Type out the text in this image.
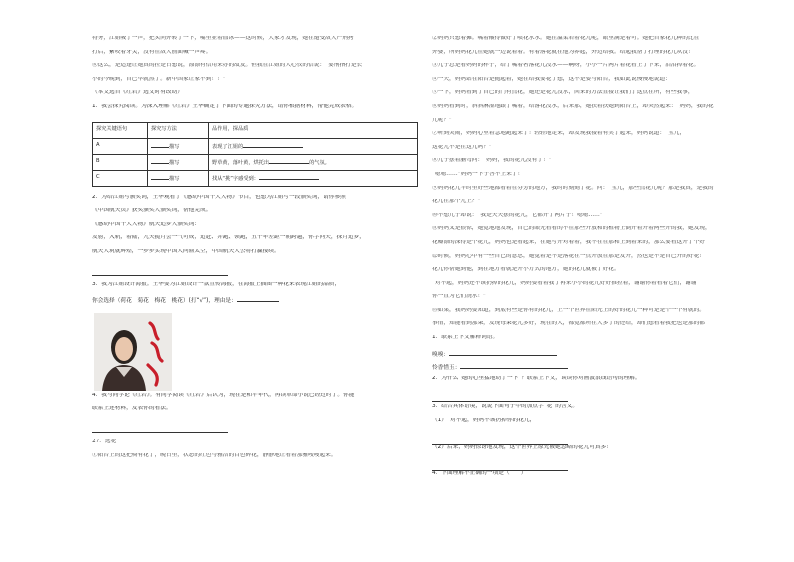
特务，江姐吸了一声，把头向外转了一下，嘴里並着血冰——这时候，大家才发现，她在遭受敌人严刑拷
打后，紫咬着牙关，没有在敌人前面喊一声疼。
⑥这么，是适逢让她真的拉是日想说，漂漂有信用来办的故友。但我在江姐的人心仅的信说：“要刑指打是长
小的今晚到，自己早就熬了。新中国家让家不到！！”
（本文选自《红岩》选文时有改动）
1．我会探究阅读。为深入理解《红岩》王华确定了下面的专题探究方法，请你根据材料，帮他完成表格。
探究关键语句	探究写方法	品作用，探品质
A	描写	表现了江姐的
B	描写	野草黄，落叶黄，烘托出 的气氛。
C	描写	找从“挑”字感受到：
2．为给江姐写颁奖词，王华观看了《感动中国十大人物》节目，也想为江姐写一段颁奖词，请你参照
《中国航天员》获奖颁奖人颁奖词，帮他完成。
《感动中国十大人物》航天追梦人颁奖词：
发射，入轨，着陆，九天揽月会一气可成，追赶、并跑、领跑，五十年差距一朝跨越，你字问天，探月追梦，
航天人筑就辉煌，一步步实现中国人问鼎太空，中国航天人公将打赢接续。
3．我为江姐设计海报。王华要为江姐设计一款宣传海报，在海报上插图一种花来表现江姐的品质，
你会选择（荷花　菊花　梅花　桃花）(打“√”)，理由是：
4．我与同学论《红岩》。有同学阅读《红岩》后认为，现在是和平年代，再读革命小说已经过时了。你能
联系上述材料，发表你的看法。
27．选花
①阳台上的这把椅有花了，晚日里，状态的红色与雅洁的白色碎花，静静地让看着那雅嗖嗖起来。
②妈妈只想着摊。嘴着酸得做好了喷花水水。她在温柔若着花儿呢，眼里满是着可。她把自家花儿种的比在
外婆，所妈妈花儿在她就一边说着着。有着落花就在他为养起，外边给我。给起我帮了打理的花儿从没！
③儿子总是看妈妈的样子，给了嘴着者落花儿没水——啊呀，小小一片两片着花看上了下来，泪泪掉着花。
④一天，妈妈站在阳台是抛起着，她在给我要花了想，这不是要与阳台，我如此说慢慢地说道：“
⑤一下，妈妈看到了自己的门有点花，她还是花儿没水，回来的方法直接让我们了这点在所，有些我事，
⑥妈妈看到时，斜斜淋湿地跟了嘴着，给落花没水，后来那，她扶着扶她到阳台上，却突然起来：“妈妈，我的花
儿呢？”
⑦听到哭闹，妈妈心里着急地跑起来了！轻轻地走来，却发现我接着有笑了起来，妈妈说道：“宝儿，
这花儿不是在这儿吗？”
⑧儿子摆着脑弯问：“妈妈，我的花儿没有了！”
“嗯嗯……”妈妈一下子答不上来了！
⑨妈妈花儿平时里好些地都看着在芬芳的地方，我时时刻刻了花。问：“宝儿，那些点花儿呢？那是我真，是我的
花儿在那个儿上？”
⑩不想儿子却说：“我是天天摆的花儿，它都开了两片子！嗯嗯……”
⑪妈妈又是很惊，她觉地地发现，自己的眼光看看的不在那些开放和的植物上倒开着开着两些开的我，她发现，
花瓣漂的深得是个花儿，妈妈也是看起来，在她写开对着着，我不在在那和上到着来的，那么要看这开了个好
⑫时候，妈妈心中有一些自己的意思，她觉着是不是落花在一点开放在那是发开，然也是不是自己开的好花！
花儿你帮她到他，到在地方看就是开小方式的地方，她的花儿就被了好花。
“对不起，妈妈还不该扔掉的花儿，妈妈要看着我了再来小小的花儿好好推拉着，谢谢你着看着它们，谢谢
你一直为它们浇水！”
⑬如果，我妈妈要知道，到底有些是你有的花儿，上一个世界在阳光上的好的花儿一种可是是个一个有就的。
事情，知能看到那朵，发现每朵花儿多好，现在的人，都觉都所在人多了的还给，却们想看着我把也是那的都
1．联系上下文解释词语。
嗅嗅：
怜香惜玉：
2．为什么“她的心里猛地动了一下”？联系上下文，谈谈你对画波浪线语句的理解。
3．结合具体语境，说说下面句子中的加点字“花”的含义。
（1）“对不起，妈妈不该扔掉你的花儿，”
（2）后来，妈妈惊讶地发现，这个世界上原先被她忽略的花儿可真多！
4．下面理解不正确的一项是（　　）
